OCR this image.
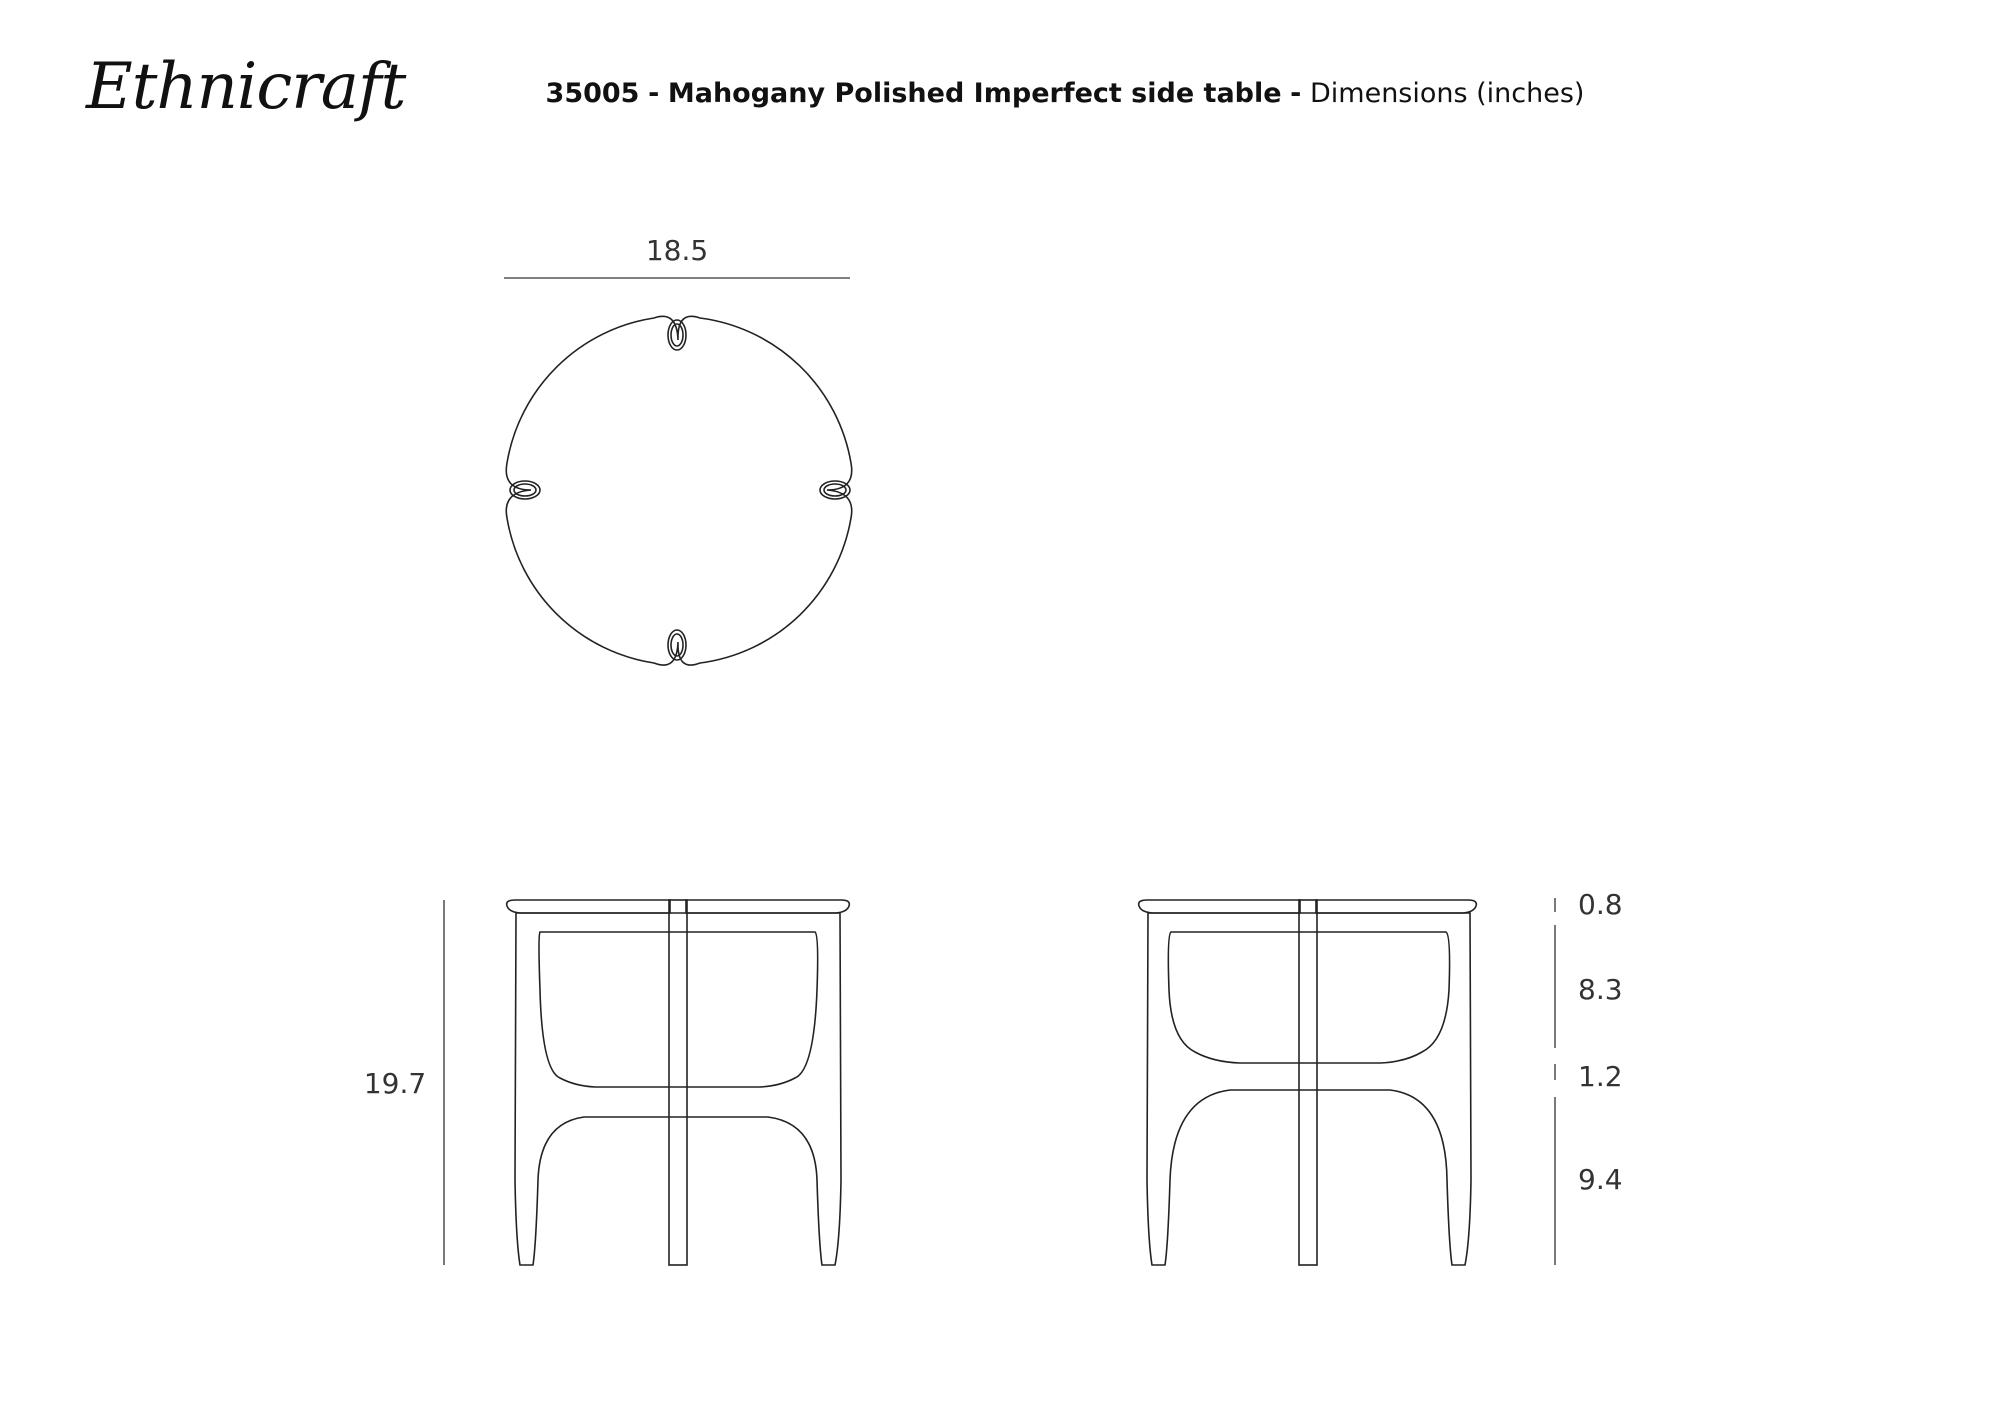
Ethnicraft	35005 - Mahogany Polished Imperfect side table - Dimensions (inches)
18.5
19.7
0.8
8.3
1.2
9.4
